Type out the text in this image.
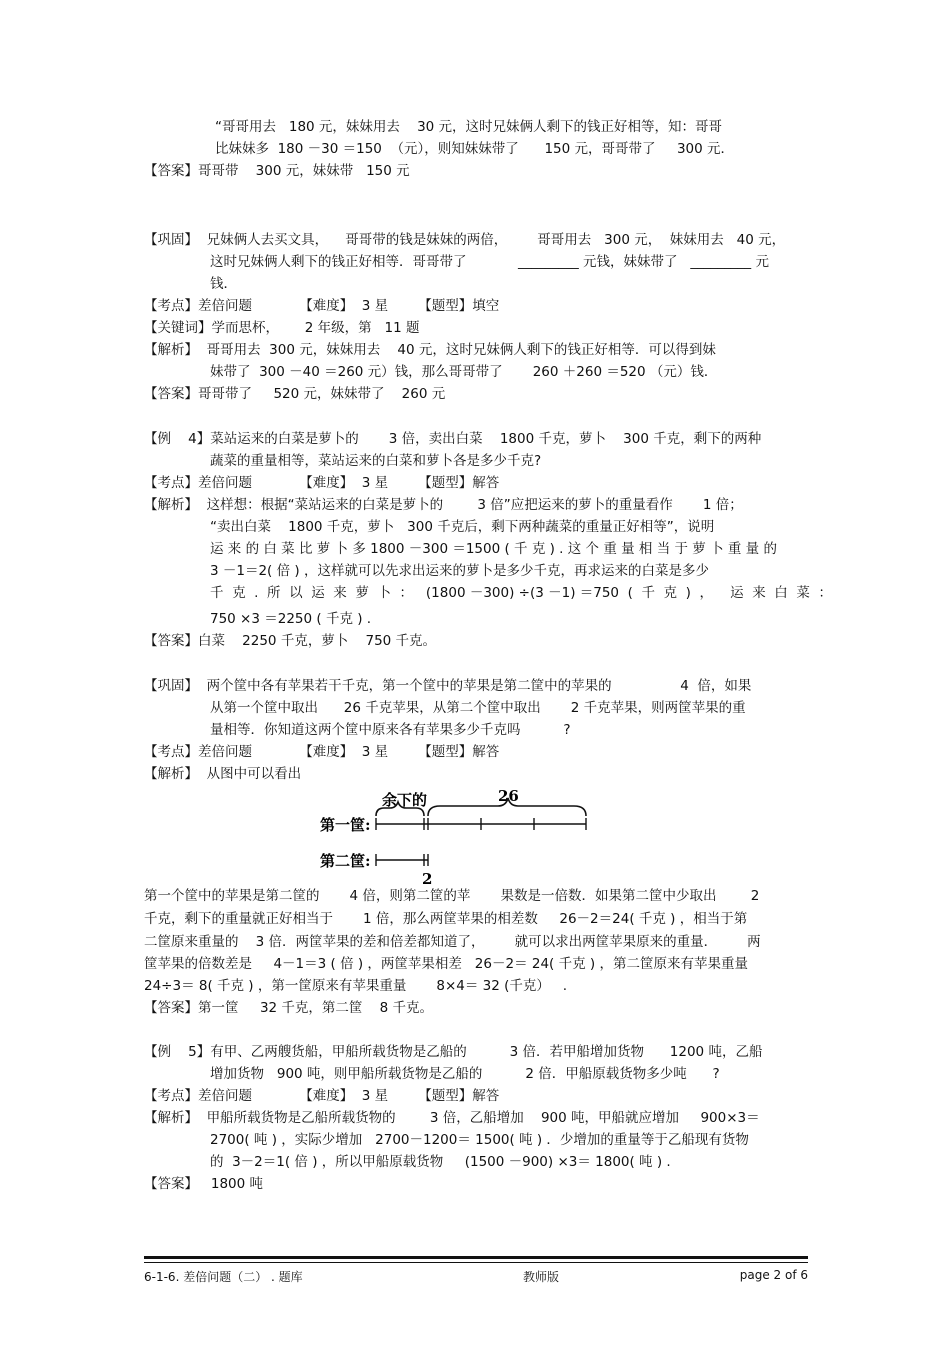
“哥哥用去   180 元，妹妹用去    30 元，这时兄妹俩人剩下的钱正好相等，知：哥哥
比妹妹多  180 －30 ＝150  （元），则知妹妹带了      150 元，哥哥带了     300 元．
【答案】哥哥带    300 元，妹妹带   150 元
【巩固】  兄妹俩人去买文具，    哥哥带的钱是妹妹的两倍，       哥哥用去   300 元，  妹妹用去   40 元，
这时兄妹俩人剩下的钱正好相等．哥哥带了            _________ 元钱，妹妹带了   _________ 元
钱．
【考点】差倍问题           【难度】  3 星       【题型】填空
【关键词】学而思杯，      2 年级，第   11 题
【解析】  哥哥用去  300 元，妹妹用去    40 元，这时兄妹俩人剩下的钱正好相等．可以得到妹
妹带了  300 －40 ＝260 元）钱，那么哥哥带了       260 ＋260 ＝520 （元）钱．
【答案】哥哥带了     520 元，妹妹带了    260 元
【例    4】菜站运来的白菜是萝卜的       3 倍，卖出白菜    1800 千克，萝卜    300 千克，剩下的两种
蔬菜的重量相等，菜站运来的白菜和萝卜各是多少千克?
【考点】差倍问题           【难度】  3 星       【题型】解答
【解析】  这样想：根据“菜站运来的白菜是萝卜的        3 倍”应把运来的萝卜的重量看作       1 倍；
“卖出白菜    1800 千克，萝卜   300 千克后，剩下两种蔬菜的重量正好相等”，说明
运 来 的 白 菜 比 萝 卜 多 1800 －300 ＝1500 ( 千 克 ) . 这 个 重 量 相 当 于 萝 卜 重 量 的
3 －1＝2( 倍 ) ，这样就可以先求出运来的萝卜是多少千克，再求运来的白菜是多少
千  克  .  所  以  运  来  萝  卜  ：   (1800 －300) ÷(3 －1) ＝750  (  千  克  )  ，    运  来  白  菜  ：
750 ×3 ＝2250 ( 千克 ) .
【答案】白菜    2250 千克，萝卜    750 千克。
【巩固】  两个筐中各有苹果若干千克，第一个筐中的苹果是第二筐中的苹果的                4  倍，如果
从第一个筐中取出      26 千克苹果，从第二个筐中取出       2 千克苹果，则两筐苹果的重
量相等．你知道这两个筐中原来各有苹果多少千克吗          ?
【考点】差倍问题           【难度】  3 星       【题型】解答
【解析】  从图中可以看出
第一个筐中的苹果是第二筐的       4 倍，则第二筐的苹       果数是一倍数．如果第二筐中少取出        2
千克，剩下的重量就正好相当于       1 倍，那么两筐苹果的相差数     26－2＝24( 千克 ) ，相当于第
二筐原来重量的    3 倍．两筐苹果的差和倍差都知道了，       就可以求出两筐苹果原来的重量．       两
筐苹果的倍数差是     4－1＝3 ( 倍 ) ，两筐苹果相差   26－2＝ 24( 千克 ) ，第二筐原来有苹果重量
24÷3＝ 8( 千克 ) ，第一筐原来有苹果重量       8×4＝ 32 (千克）   .
【答案】第一筐     32 千克，第二筐    8 千克。
【例    5】有甲、乙两艘货船，甲船所载货物是乙船的          3 倍．若甲船增加货物      1200 吨，乙船
增加货物   900 吨，则甲船所载货物是乙船的          2 倍．甲船原载货物多少吨      ?
【考点】差倍问题           【难度】  3 星       【题型】解答
【解析】  甲船所载货物是乙船所载货物的        3 倍，乙船增加    900 吨，甲船就应增加     900×3＝
2700( 吨 ) ，实际少增加   2700－1200＝ 1500( 吨 ) ．少增加的重量等于乙船现有货物
的  3－2＝1( 倍 ) ，所以甲船原载货物     (1500 －900) ×3＝ 1800( 吨 ) .
【答案】   1800 吨
余下的	26
第一筐:
第二筐:
2
6-1-6. 差倍问题（二） . 题库	教师版	page 2 of 6
